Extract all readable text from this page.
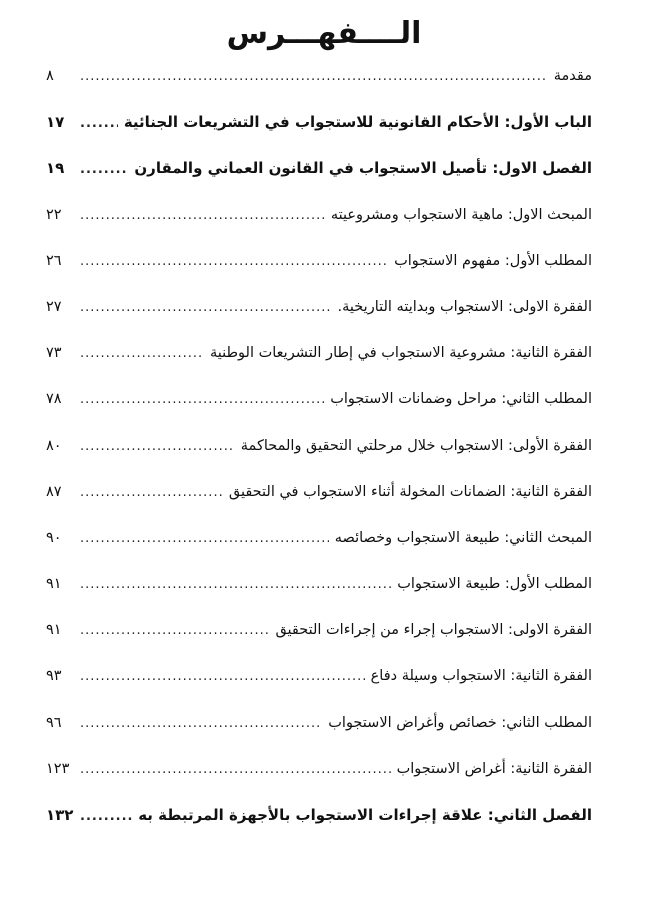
الــــفهـــرس
مقدمة
.....
٨
الباب الأول: الأحكام القانونية للاستجواب في التشريعات الجنائية
.....
١٧
الفصل الاول: تأصيل الاستجواب في القانون العماني والمقارن
.....
١٩
المبحث الاول: ماهية الاستجواب ومشروعيته
.....
٢٢
المطلب الأول: مفهوم الاستجواب
.....
٢٦
الفقرة الاولى: الاستجواب وبدايته التاريخية.
.....
٢٧
الفقرة الثانية: مشروعية الاستجواب في إطار التشريعات الوطنية
.....
٧٣
المطلب الثاني: مراحل وضمانات الاستجواب
.....
٧٨
الفقرة الأولى: الاستجواب خلال مرحلتي التحقيق والمحاكمة
.....
٨٠
الفقرة الثانية: الضمانات المخولة أثناء الاستجواب في التحقيق
.....
٨٧
المبحث الثاني: طبيعة الاستجواب وخصائصه
.....
٩٠
المطلب الأول: طبيعة الاستجواب
.....
٩١
الفقرة الاولى: الاستجواب إجراء من إجراءات التحقيق
.....
٩١
الفقرة الثانية: الاستجواب وسيلة دفاع
.....
٩٣
المطلب الثاني: خصائص وأغراض الاستجواب
.....
٩٦
الفقرة الثانية: أغراض الاستجواب
.....
١٢٣
الفصل الثاني: علاقة إجراءات الاستجواب بالأجهزة المرتبطة به
.....
١٣٢
